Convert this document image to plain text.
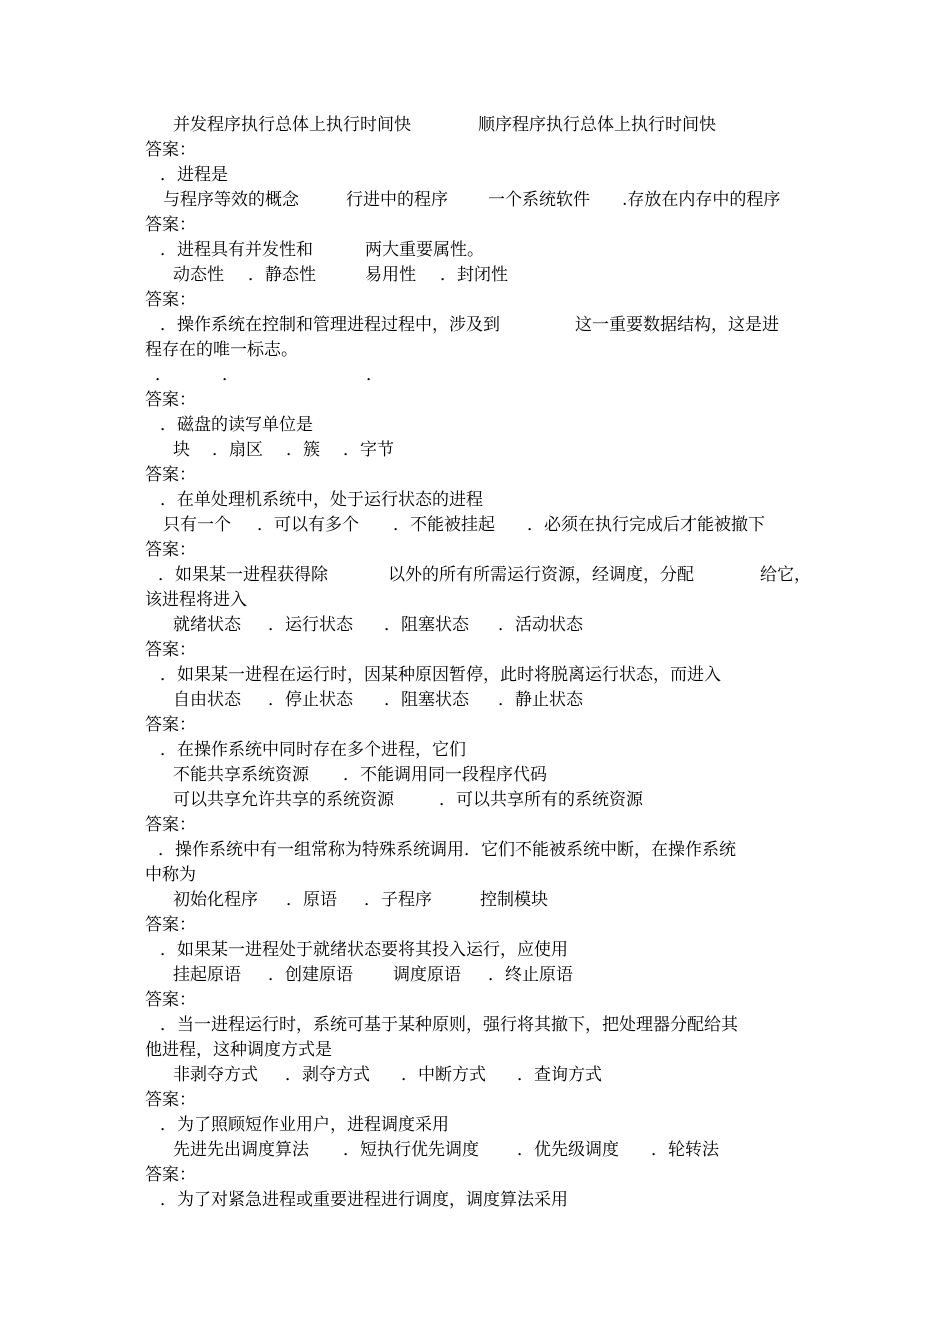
并发程序执行总体上执行时间快	顺序程序执行总体上执行时间快
答案：
．进程是
与程序等效的概念	行进中的程序 一个系统软件 .存放在内存中的程序
答案：
．进程具有并发性和	两大重要属性。
动态性 ．静态性	易用性 ．封闭性
答案：
．操作系统在控制和管理进程过程中，涉及到	这一重要数据结构，这是进
程存在的唯一标志。
．	．	．
答案：
．磁盘的读写单位是
块 ．扇区 ．簇 ．字节
答案：
．在单处理机系统中，处于运行状态的进程
只有一个 ．可以有多个 ．不能被挂起 ．必须在执行完成后才能被撤下
答案：
．如果某一进程获得除	以外的所有所需运行资源，经调度，分配	给它，
该进程将进入
就绪状态 ．运行状态 ．阻塞状态 ．活动状态
答案：
．如果某一进程在运行时，因某种原因暂停，此时将脱离运行状态，而进入
自由状态 ．停止状态 ．阻塞状态 ．静止状态
答案：
．在操作系统中同时存在多个进程，它们
不能共享系统资源 ．不能调用同一段程序代码
可以共享允许共享的系统资源	．可以共享所有的系统资源
答案：
．操作系统中有一组常称为特殊系统调用．它们不能被系统中断，在操作系统
中称为
初始化程序 ．原语 ．子程序	控制模块
答案：
．如果某一进程处于就绪状态要将其投入运行，应使用
挂起原语 ．创建原语 调度原语 ．终止原语
答案：
．当一进程运行时，系统可基于某种原则，强行将其撤下，把处理器分配给其
他进程，这种调度方式是
非剥夺方式 ．剥夺方式 ．中断方式 ．查询方式
答案：
．为了照顾短作业用户，进程调度采用
先进先出调度算法 ．短执行优先调度 ．优先级调度 ．轮转法
答案：
．为了对紧急进程或重要进程进行调度，调度算法采用
